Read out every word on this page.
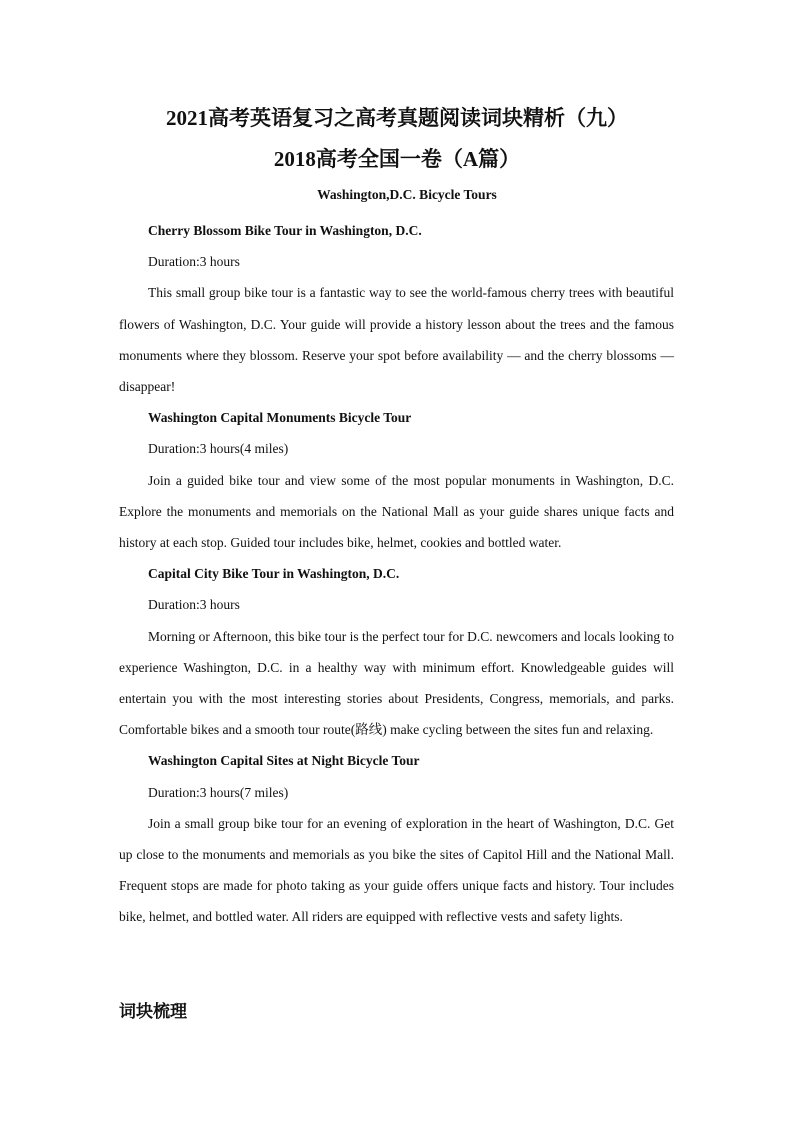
2021高考英语复习之高考真题阅读词块精析（九）
2018高考全国一卷（A篇）
Washington,D.C. Bicycle Tours

Cherry Blossom Bike Tour in Washington, D.C.

Duration:3 hours

This small group bike tour is a fantastic way to see the world-famous cherry trees with beautiful flowers of Washington, D.C. Your guide will provide a history lesson about the trees and the famous monuments where they blossom. Reserve your spot before availability — and the cherry blossoms — disappear!

Washington Capital Monuments Bicycle Tour

Duration:3 hours(4 miles)

Join a guided bike tour and view some of the most popular monuments in Washington, D.C. Explore the monuments and memorials on the National Mall as your guide shares unique facts and history at each stop. Guided tour includes bike, helmet, cookies and bottled water.

Capital City Bike Tour in Washington, D.C.

Duration:3 hours

Morning or Afternoon, this bike tour is the perfect tour for D.C. newcomers and locals looking to experience Washington, D.C. in a healthy way with minimum effort. Knowledgeable guides will entertain you with the most interesting stories about Presidents, Congress, memorials, and parks. Comfortable bikes and a smooth tour route(路线) make cycling between the sites fun and relaxing.

Washington Capital Sites at Night Bicycle Tour

Duration:3 hours(7 miles)

Join a small group bike tour for an evening of exploration in the heart of Washington, D.C. Get up close to the monuments and memorials as you bike the sites of Capitol Hill and the National Mall. Frequent stops are made for photo taking as your guide offers unique facts and history. Tour includes bike, helmet, and bottled water. All riders are equipped with reflective vests and safety lights.

词块梳理
